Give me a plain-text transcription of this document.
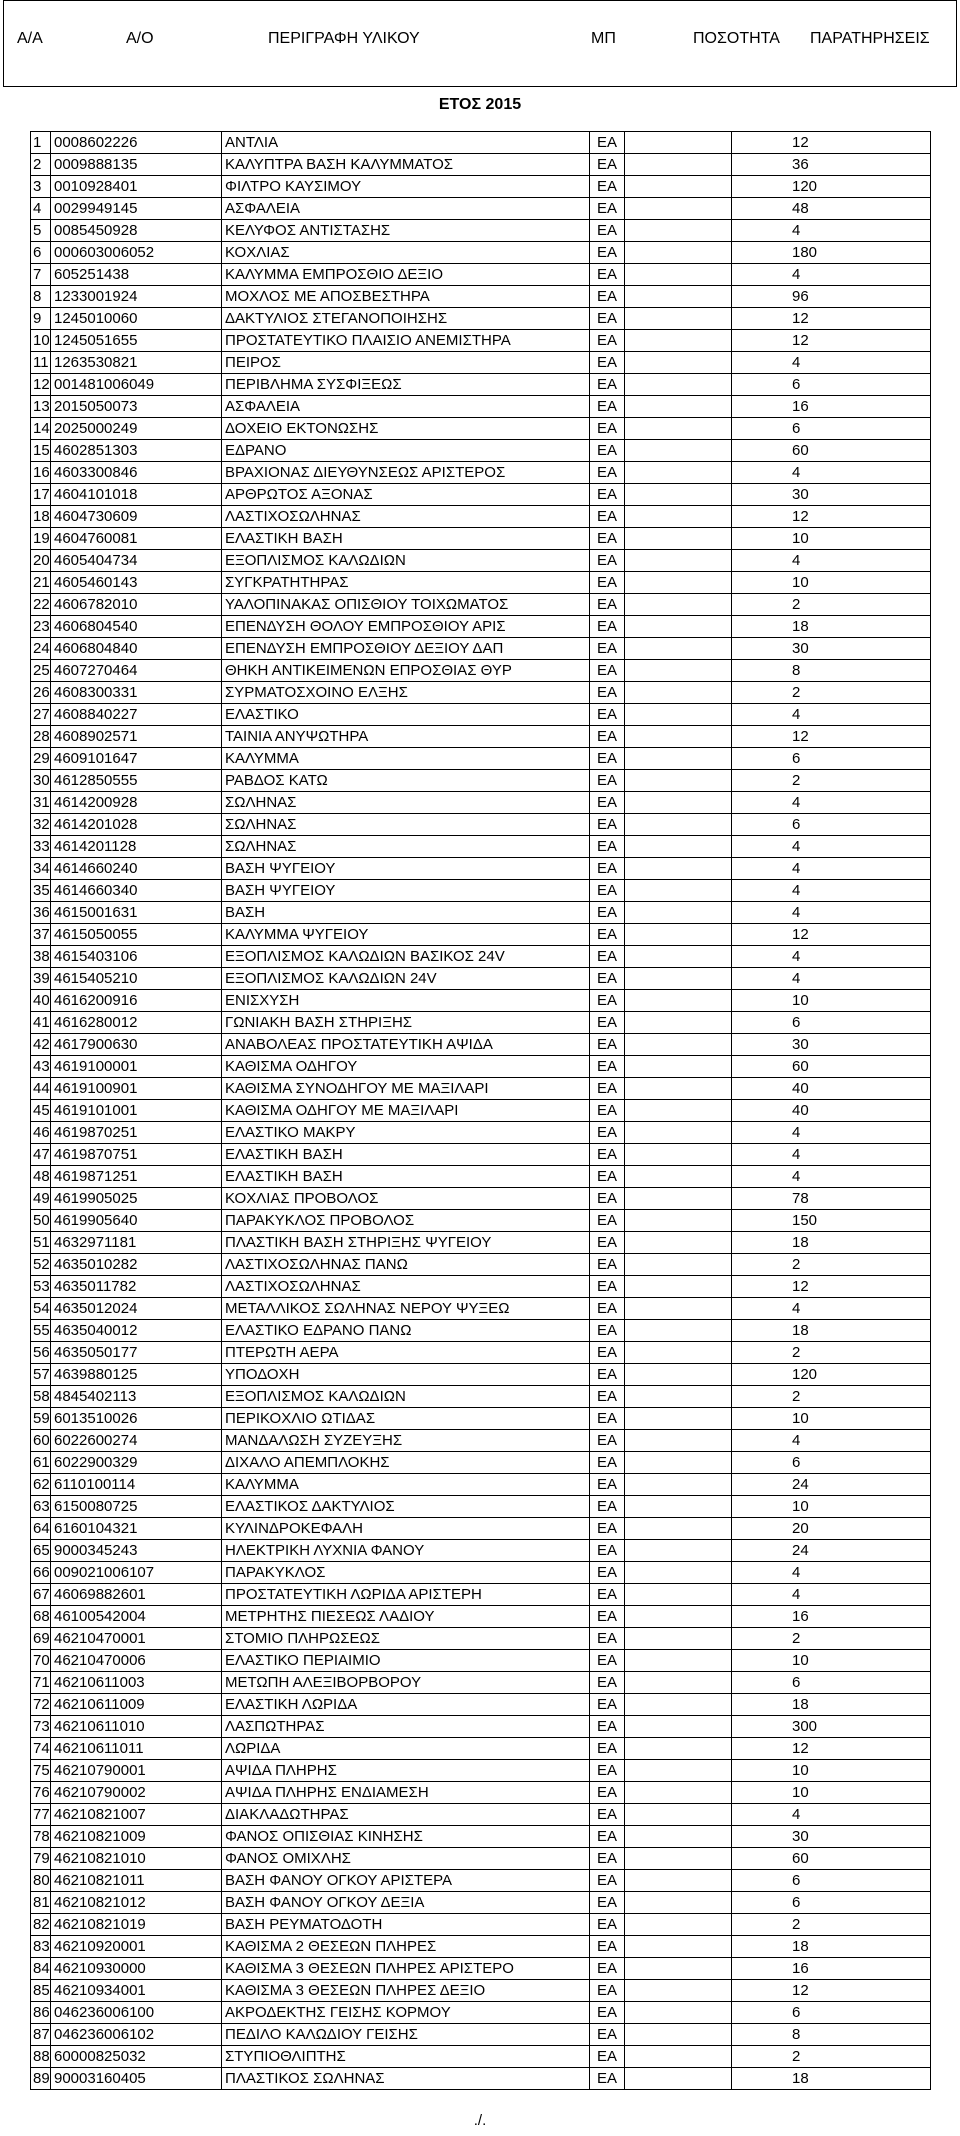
Α/Α	Α/Ο	ΠΕΡΙΓΡΑΦΗ ΥΛΙΚΟΥ	ΜΠ	ΠΟΣΟΤΗΤΑ ΠΑΡΑΤΗΡΗΣΕΙΣ
ΕΤΟΣ 2015
1 0008602226	ΑΝΤΛΙΑ	ΕΑ	12
2 0009888135	ΚΑΛΥΠΤΡΑ ΒΑΣΗ ΚΑΛΥΜΜΑΤΟΣ	ΕΑ	36
3 0010928401	ΦΙΛΤΡΟ ΚΑΥΣΙΜΟΥ	ΕΑ	120
4 0029949145	ΑΣΦΑΛΕΙΑ	ΕΑ	48
5 0085450928	ΚΕΛΥΦΟΣ ΑΝΤΙΣΤΑΣΗΣ	ΕΑ	4
6 000603006052	ΚΟΧΛΙΑΣ	ΕΑ	180
7 605251438	ΚΑΛΥΜΜΑ ΕΜΠΡΟΣΘΙΟ ΔΕΞΙΟ	ΕΑ	4
8 1233001924	ΜΟΧΛΟΣ ΜΕ ΑΠΟΣΒΕΣΤΗΡΑ	ΕΑ	96
9 1245010060	ΔΑΚΤΥΛΙΟΣ ΣΤΕΓΑΝΟΠΟΙΗΣΗΣ	ΕΑ	12
10 1245051655	ΠΡΟΣΤΑΤΕΥΤΙΚΟ ΠΛΑΙΣΙΟ ΑΝΕΜΙΣΤΗΡΑ	ΕΑ	12
11 1263530821	ΠΕΙΡΟΣ	ΕΑ	4
12 001481006049	ΠΕΡΙΒΛΗΜΑ ΣΥΣΦΙΞΕΩΣ	ΕΑ	6
13 2015050073	ΑΣΦΑΛΕΙΑ	ΕΑ	16
14 2025000249	ΔΟΧΕΙΟ ΕΚΤΟΝΩΣΗΣ	ΕΑ	6
15 4602851303	ΕΔΡΑΝΟ	ΕΑ	60
16 4603300846	ΒΡΑΧΙΟΝΑΣ ΔΙΕΥΘΥΝΣΕΩΣ ΑΡΙΣΤΕΡΟΣ	ΕΑ	4
17 4604101018	ΑΡΘΡΩΤΟΣ ΑΞΟΝΑΣ	ΕΑ	30
18 4604730609	ΛΑΣΤΙΧΟΣΩΛΗΝΑΣ	ΕΑ	12
19 4604760081	ΕΛΑΣΤΙΚΗ ΒΑΣΗ	ΕΑ	10
20 4605404734	ΕΞΟΠΛΙΣΜΟΣ ΚΑΛΩΔΙΩΝ	ΕΑ	4
21 4605460143	ΣΥΓΚΡΑΤΗΤΗΡΑΣ	ΕΑ	10
22 4606782010	ΥΑΛΟΠΙΝΑΚΑΣ ΟΠΙΣΘΙΟΥ ΤΟΙΧΩΜΑΤΟΣ	ΕΑ	2
23 4606804540	ΕΠΕΝΔΥΣΗ ΘΟΛΟΥ ΕΜΠΡΟΣΘΙΟΥ ΑΡΙΣ	ΕΑ	18
24 4606804840	ΕΠΕΝΔΥΣΗ ΕΜΠΡΟΣΘΙΟΥ ΔΕΞΙΟΥ ΔΑΠ	ΕΑ	30
25 4607270464	ΘΗΚΗ ΑΝΤΙΚΕΙΜΕΝΩΝ ΕΠΡΟΣΘΙΑΣ ΘΥΡ	ΕΑ	8
26 4608300331	ΣΥΡΜΑΤΟΣΧΟΙΝΟ ΕΛΞΗΣ	ΕΑ	2
27 4608840227	ΕΛΑΣΤΙΚΟ	ΕΑ	4
28 4608902571	ΤΑΙΝΙΑ ΑΝΥΨΩΤΗΡΑ	ΕΑ	12
29 4609101647	ΚΑΛΥΜΜΑ	ΕΑ	6
30 4612850555	ΡΑΒΔΟΣ ΚΑΤΩ	ΕΑ	2
31 4614200928	ΣΩΛΗΝΑΣ	ΕΑ	4
32 4614201028	ΣΩΛΗΝΑΣ	ΕΑ	6
33 4614201128	ΣΩΛΗΝΑΣ	ΕΑ	4
34 4614660240	ΒΑΣΗ ΨΥΓΕΙΟΥ	ΕΑ	4
35 4614660340	ΒΑΣΗ ΨΥΓΕΙΟΥ	ΕΑ	4
36 4615001631	ΒΑΣΗ	ΕΑ	4
37 4615050055	ΚΑΛΥΜΜΑ ΨΥΓΕΙΟΥ	ΕΑ	12
38 4615403106	ΕΞΟΠΛΙΣΜΟΣ ΚΑΛΩΔΙΩΝ ΒΑΣΙΚΟΣ 24V	ΕΑ	4
39 4615405210	ΕΞΟΠΛΙΣΜΟΣ ΚΑΛΩΔΙΩΝ 24V	ΕΑ	4
40 4616200916	ΕΝΙΣΧΥΣΗ	ΕΑ	10
41 4616280012	ΓΩΝΙΑΚΗ ΒΑΣΗ ΣΤΗΡΙΞΗΣ	ΕΑ	6
42 4617900630	ΑΝΑΒΟΛΕΑΣ ΠΡΟΣΤΑΤΕΥΤΙΚΗ ΑΨΙΔΑ	ΕΑ	30
43 4619100001	ΚΑΘΙΣΜΑ ΟΔΗΓΟΥ	ΕΑ	60
44 4619100901	ΚΑΘΙΣΜΑ ΣΥΝΟΔΗΓΟΥ ΜΕ ΜΑΞΙΛΑΡΙ	ΕΑ	40
45 4619101001	ΚΑΘΙΣΜΑ ΟΔΗΓΟΥ ΜΕ ΜΑΞΙΛΑΡΙ	ΕΑ	40
46 4619870251	ΕΛΑΣΤΙΚΟ ΜΑΚΡΥ	ΕΑ	4
47 4619870751	ΕΛΑΣΤΙΚΗ ΒΑΣΗ	ΕΑ	4
48 4619871251	ΕΛΑΣΤΙΚΗ ΒΑΣΗ	ΕΑ	4
49 4619905025	ΚΟΧΛΙΑΣ ΠΡΟΒΟΛΟΣ	ΕΑ	78
50 4619905640	ΠΑΡΑΚΥΚΛΟΣ ΠΡΟΒΟΛΟΣ	ΕΑ	150
51 4632971181	ΠΛΑΣΤΙΚΗ ΒΑΣΗ ΣΤΗΡΙΞΗΣ ΨΥΓΕΙΟΥ	ΕΑ	18
52 4635010282	ΛΑΣΤΙΧΟΣΩΛΗΝΑΣ ΠΑΝΩ	ΕΑ	2
53 4635011782	ΛΑΣΤΙΧΟΣΩΛΗΝΑΣ	ΕΑ	12
54 4635012024	ΜΕΤΑΛΛΙΚΟΣ ΣΩΛΗΝΑΣ ΝΕΡΟΥ ΨΥΞΕΩ	ΕΑ	4
55 4635040012	ΕΛΑΣΤΙΚΟ ΕΔΡΑΝΟ ΠΑΝΩ	ΕΑ	18
56 4635050177	ΠΤΕΡΩΤΗ ΑΕΡΑ	ΕΑ	2
57 4639880125	ΥΠΟΔΟΧΗ	ΕΑ	120
58 4845402113	ΕΞΟΠΛΙΣΜΟΣ ΚΑΛΩΔΙΩΝ	ΕΑ	2
59 6013510026	ΠΕΡΙΚΟΧΛΙΟ ΩΤΙΔΑΣ	ΕΑ	10
60 6022600274	ΜΑΝΔΑΛΩΣΗ ΣΥΖΕΥΞΗΣ	ΕΑ	4
61 6022900329	ΔΙΧΑΛΟ ΑΠΕΜΠΛΟΚΗΣ	ΕΑ	6
62 6110100114	ΚΑΛΥΜΜΑ	ΕΑ	24
63 6150080725	ΕΛΑΣΤΙΚΟΣ ΔΑΚΤΥΛΙΟΣ	ΕΑ	10
64 6160104321	ΚΥΛΙΝΔΡΟΚΕΦΑΛΗ	ΕΑ	20
65 9000345243	ΗΛΕΚΤΡΙΚΗ ΛΥΧΝΙΑ ΦΑΝΟΥ	ΕΑ	24
66 009021006107	ΠΑΡΑΚΥΚΛΟΣ	ΕΑ	4
67 46069882601	ΠΡΟΣΤΑΤΕΥΤΙΚΗ ΛΩΡΙΔΑ ΑΡΙΣΤΕΡΗ	ΕΑ	4
68 46100542004	ΜΕΤΡΗΤΗΣ ΠΙΕΣΕΩΣ ΛΑΔΙΟΥ	ΕΑ	16
69 46210470001	ΣΤΟΜΙΟ ΠΛΗΡΩΣΕΩΣ	ΕΑ	2
70 46210470006	ΕΛΑΣΤΙΚΟ ΠΕΡΙΑΙΜΙΟ	ΕΑ	10
71 46210611003	ΜΕΤΩΠΗ ΑΛΕΞΙΒΟΡΒΟΡΟΥ	ΕΑ	6
72 46210611009	ΕΛΑΣΤΙΚΗ ΛΩΡΙΔΑ	ΕΑ	18
73 46210611010	ΛΑΣΠΩΤΗΡΑΣ	ΕΑ	300
74 46210611011	ΛΩΡΙΔΑ	ΕΑ	12
75 46210790001	ΑΨΙΔΑ ΠΛΗΡΗΣ	ΕΑ	10
76 46210790002	ΑΨΙΔΑ ΠΛΗΡΗΣ ΕΝΔΙΑΜΕΣΗ	ΕΑ	10
77 46210821007	ΔΙΑΚΛΑΔΩΤΗΡΑΣ	ΕΑ	4
78 46210821009	ΦΑΝΟΣ ΟΠΙΣΘΙΑΣ ΚΙΝΗΣΗΣ	ΕΑ	30
79 46210821010	ΦΑΝΟΣ ΟΜΙΧΛΗΣ	ΕΑ	60
80 46210821011	ΒΑΣΗ ΦΑΝΟΥ ΟΓΚΟΥ ΑΡΙΣΤΕΡΑ	ΕΑ	6
81 46210821012	ΒΑΣΗ ΦΑΝΟΥ ΟΓΚΟΥ ΔΕΞΙΑ	ΕΑ	6
82 46210821019	ΒΑΣΗ ΡΕΥΜΑΤΟΔΟΤΗ	ΕΑ	2
83 46210920001	ΚΑΘΙΣΜΑ 2 ΘΕΣΕΩΝ ΠΛΗΡΕΣ	ΕΑ	18
84 46210930000	ΚΑΘΙΣΜΑ 3 ΘΕΣΕΩΝ ΠΛΗΡΕΣ ΑΡΙΣΤΕΡΟ	ΕΑ	16
85 46210934001	ΚΑΘΙΣΜΑ 3 ΘΕΣΕΩΝ ΠΛΗΡΕΣ ΔΕΞΙΟ	ΕΑ	12
86 046236006100	ΑΚΡΟΔΕΚΤΗΣ ΓΕΙΣΗΣ ΚΟΡΜΟΥ	ΕΑ	6
87 046236006102	ΠΕΔΙΛΟ ΚΑΛΩΔΙΟΥ ΓΕΙΣΗΣ	ΕΑ	8
88 60000825032	ΣΤΥΠΙΟΘΛΙΠΤΗΣ	ΕΑ	2
89 90003160405	ΠΛΑΣΤΙΚΟΣ ΣΩΛΗΝΑΣ	ΕΑ	18
./.
